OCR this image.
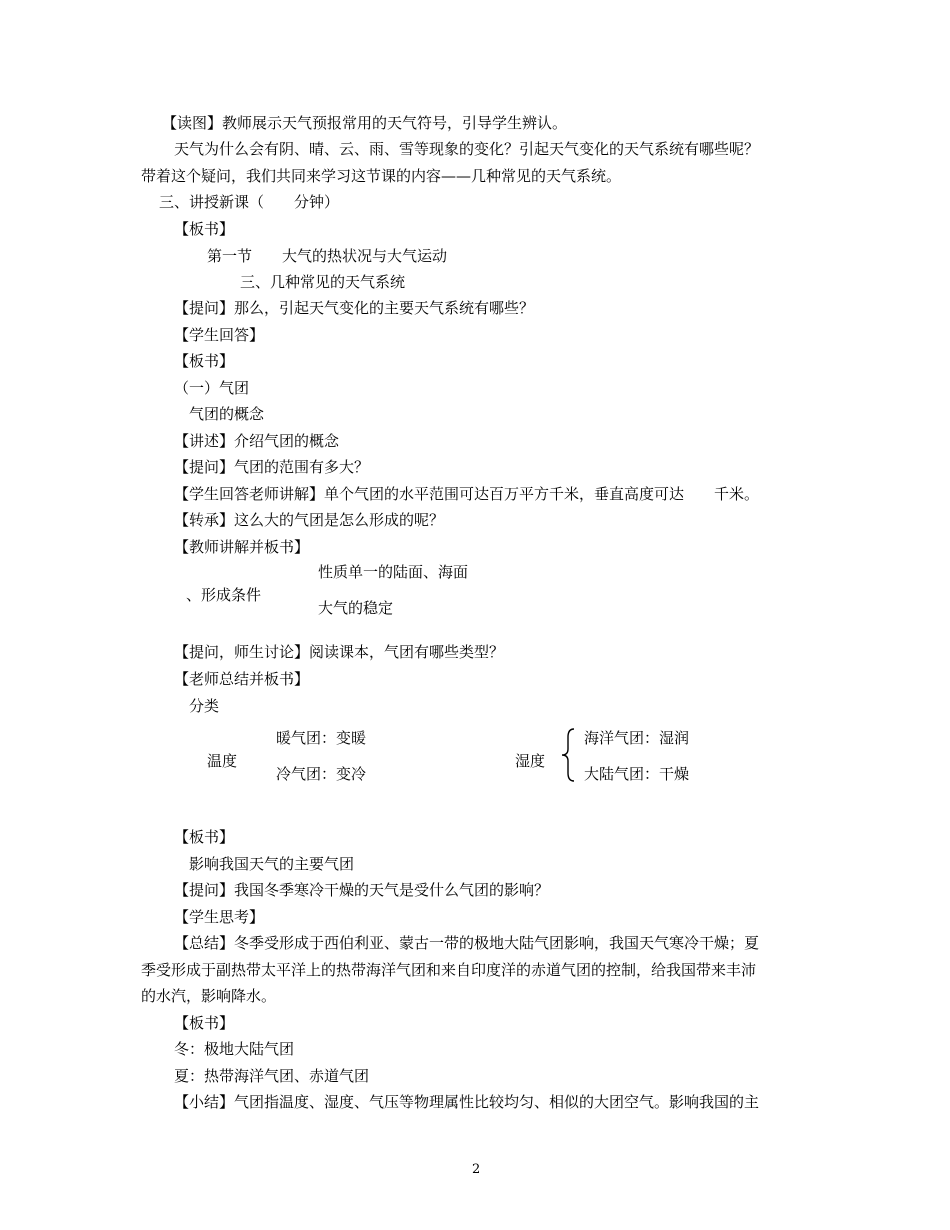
【读图】教师展示天气预报常用的天气符号，引导学生辨认。
天气为什么会有阴、晴、云、雨、雪等现象的变化？引起天气变化的天气系统有哪些呢？
带着这个疑问，我们共同来学习这节课的内容——几种常见的天气系统。
三、讲授新课（　　分钟）
【板书】
第一节　　大气的热状况与大气运动
三、几种常见的天气系统
【提问】那么，引起天气变化的主要天气系统有哪些？
【学生回答】
【板书】
（一）气团
气团的概念
【讲述】介绍气团的概念
【提问】气团的范围有多大？
【学生回答老师讲解】单个气团的水平范围可达百万平方千米，垂直高度可达　　千米。
【转承】这么大的气团是怎么形成的呢？
【教师讲解并板书】
性质单一的陆面、海面
、形成条件
大气的稳定
【提问，师生讨论】阅读课本，气团有哪些类型？
【老师总结并板书】
分类
暖气团：变暖
温度
冷气团：变冷
海洋气团：湿润
湿度
大陆气团：干燥
【板书】
影响我国天气的主要气团
【提问】我国冬季寒冷干燥的天气是受什么气团的影响？
【学生思考】
【总结】冬季受形成于西伯利亚、蒙古一带的极地大陆气团影响，我国天气寒冷干燥；夏
季受形成于副热带太平洋上的热带海洋气团和来自印度洋的赤道气团的控制，给我国带来丰沛
的水汽，影响降水。
【板书】
冬：极地大陆气团
夏：热带海洋气团、赤道气团
【小结】气团指温度、湿度、气压等物理属性比较均匀、相似的大团空气。影响我国的主
2
